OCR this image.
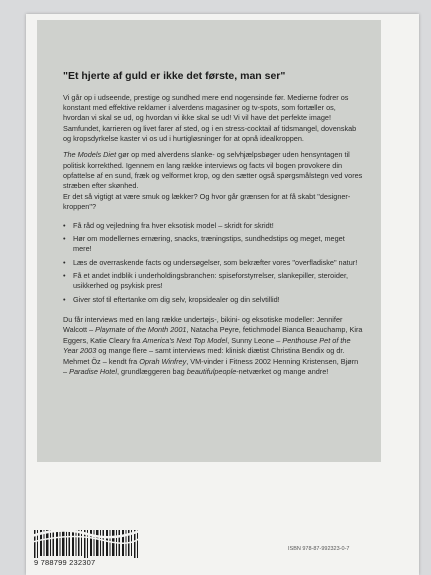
"Et hjerte af guld er ikke det første, man ser"

Vi går op i udseende, prestige og sundhed mere end nogensinde før. Medierne fodrer os konstant med effektive reklamer i alverdens magasiner og tv-spots, som fortæller os, hvordan vi skal se ud, og hvordan vi ikke skal se ud! Vi vil have det perfekte image! Samfundet, karrieren og livet farer af sted, og i en stress-cocktail af tidsmangel, dovenskab og kropsdyrkelse kaster vi os ud i hurtigløsninger for at opnå idealkroppen.

The Models Diet gør op med alverdens slanke- og selvhjælpsbøger uden hensyntagen til politisk korrekthed. Igennem en lang række interviews og facts vil bogen provokere din opfattelse af en sund, fræk og velformet krop, og den sætter også spørgsmålstegn ved vores stræben efter skønhed.
Er det så vigtigt at være smuk og lækker? Og hvor går grænsen for at få skabt "designer-kroppen"?

• Få råd og vejledning fra hver eksotisk model – skridt for skridt!
• Hør om modellernes ernæring, snacks, træningstips, sundhedstips og meget, meget mere!
• Læs de overraskende facts og undersøgelser, som bekræfter vores "overfladiske" natur!
• Få et andet indblik i underholdingsbranchen: spiseforstyrrelser, slankepiller, steroider, usikkerhed og psykisk pres!
• Giver stof til eftertanke om dig selv, kropsidealer og din selvtillid!

Du får interviews med en lang række undertøjs-, bikini- og eksotiske modeller: Jennifer Walcott – Playmate of the Month 2001, Natacha Peyre, fetichmodel Bianca Beauchamp, Kira Eggers, Katie Cleary fra America's Next Top Model, Sunny Leone – Penthouse Pet of the Year 2003 og mange flere – samt interviews med: klinisk diætist Christina Bendix og dr. Mehmet Öz – kendt fra Oprah Winfrey, VM-vinder i Fitness 2002 Henning Kristensen, Bjørn – Paradise Hotel, grundlæggeren bag beautifulpeople-netværket og mange andre!

9 788799 232307
ISBN 978-87-992323-0-7
